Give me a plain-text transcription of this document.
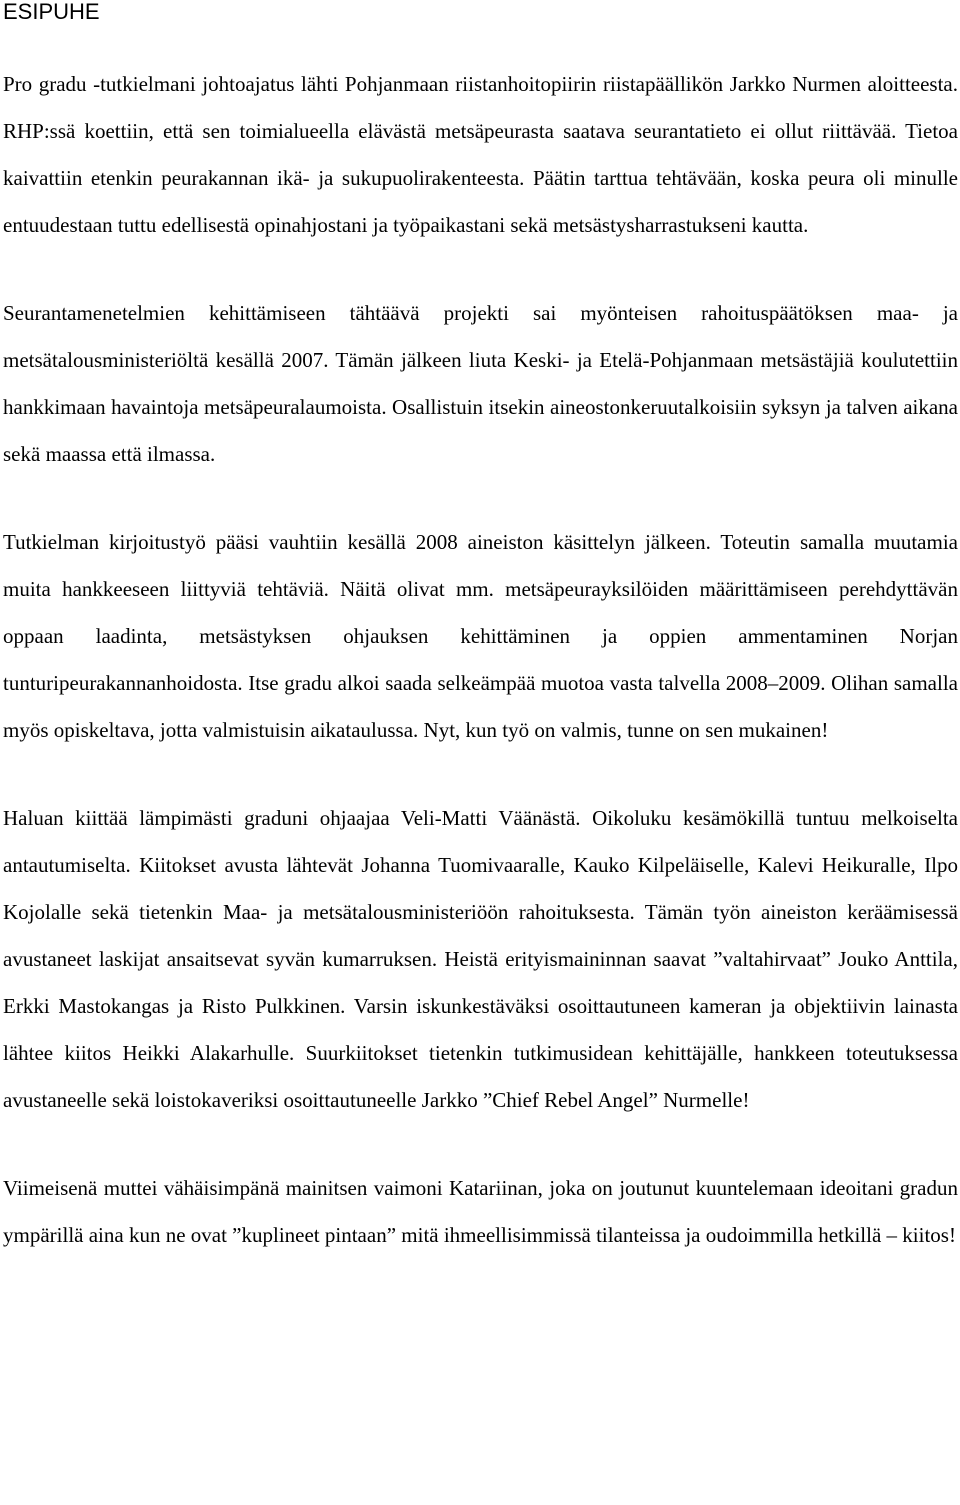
ESIPUHE

Pro gradu -tutkielmani johtoajatus lähti Pohjanmaan riistanhoitopiirin riistapäällikön Jarkko Nurmen aloitteesta. RHP:ssä koettiin, että sen toimialueella elävästä metsäpeurasta saatava seurantatieto ei ollut riittävää. Tietoa kaivattiin etenkin peurakannan ikä- ja sukupuolirakenteesta. Päätin tarttua tehtävään, koska peura oli minulle entuudestaan tuttu edellisestä opinahjostani ja työpaikastani sekä metsästysharrastukseni kautta.

Seurantamenetelmien kehittämiseen tähtäävä projekti sai myönteisen rahoituspäätöksen maa- ja metsätalousministeriöltä kesällä 2007. Tämän jälkeen liuta Keski- ja Etelä-Pohjanmaan metsästäjiä koulutettiin hankkimaan havaintoja metsäpeuralaumoista. Osallistuin itsekin aineostonkeruutalkoisiin syksyn ja talven aikana sekä maassa että ilmassa.

Tutkielman kirjoitustyö pääsi vauhtiin kesällä 2008 aineiston käsittelyn jälkeen. Toteutin samalla muutamia muita hankkeeseen liittyviä tehtäviä. Näitä olivat mm. metsäpeurayksilöiden määrittämiseen perehdyttävän oppaan laadinta, metsästyksen ohjauksen kehittäminen ja oppien ammentaminen Norjan tunturipeurakannanhoidosta. Itse gradu alkoi saada selkeämpää muotoa vasta talvella 2008–2009. Olihan samalla myös opiskeltava, jotta valmistuisin aikataulussa. Nyt, kun työ on valmis, tunne on sen mukainen!

Haluan kiittää lämpimästi graduni ohjaajaa Veli-Matti Väänästä. Oikoluku kesämökillä tuntuu melkoiselta antautumiselta. Kiitokset avusta lähtevät Johanna Tuomivaaralle, Kauko Kilpeläiselle, Kalevi Heikuralle, Ilpo Kojolalle sekä tietenkin Maa- ja metsätalousministeriöön rahoituksesta. Tämän työn aineiston keräämisessä avustaneet laskijat ansaitsevat syvän kumarruksen. Heistä erityismaininnan saavat ”valtahirvaat” Jouko Anttila, Erkki Mastokangas ja Risto Pulkkinen. Varsin iskunkestäväksi osoittautuneen kameran ja objektiivin lainasta lähtee kiitos Heikki Alakarhulle. Suurkiitokset tietenkin tutkimusidean kehittäjälle, hankkeen toteutuksessa avustaneelle sekä loistokaveriksi osoittautuneelle Jarkko ”Chief Rebel Angel” Nurmelle!

Viimeisenä muttei vähäisimpänä mainitsen vaimoni Katariinan, joka on joutunut kuuntelemaan ideoitani gradun ympärillä aina kun ne ovat ”kuplineet pintaan” mitä ihmeellisimmissä tilanteissa ja oudoimmilla hetkillä – kiitos!
